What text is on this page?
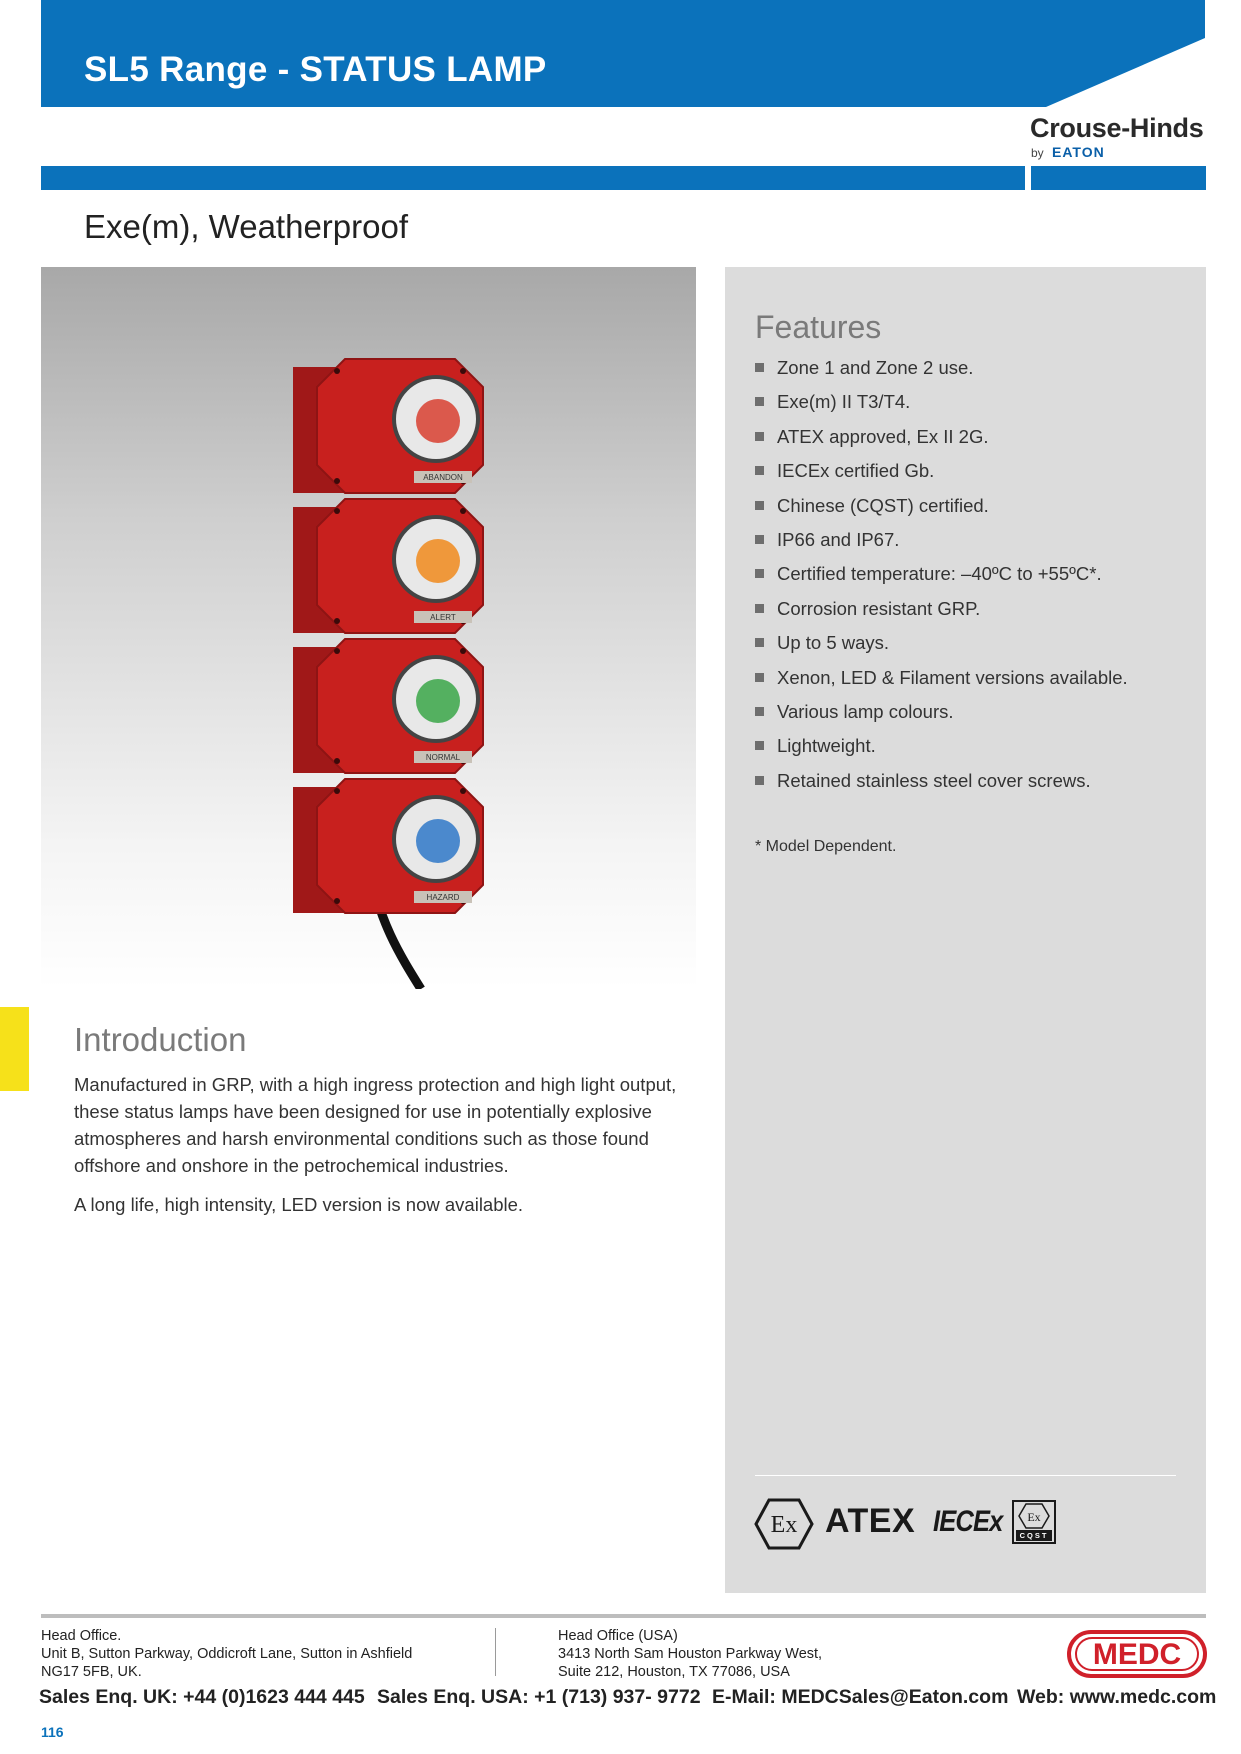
SL5 Range - STATUS LAMP
Crouse-Hinds
by EATON
Exe(m), Weatherproof
ABANDON
ALERT
NORMAL
HAZARD
Features
Zone 1 and Zone 2 use.
Exe(m) II T3/T4.
ATEX approved, Ex II 2G.
IECEx certified Gb.
Chinese (CQST) certified.
IP66 and IP67.
Certified temperature: –40ºC to +55ºC*.
Corrosion resistant GRP.
Up to 5 ways.
Xenon, LED & Filament versions available.
Various lamp colours.
Lightweight.
Retained stainless steel cover screws.
* Model Dependent.
Ex ATEX IECEx Ex
CQST
Introduction
Manufactured in GRP, with a high ingress protection and high light output,
these status lamps have been designed for use in potentially explosive
atmospheres and harsh environmental conditions such as those found
offshore and onshore in the petrochemical industries.
A long life, high intensity, LED version is now available.
Head Office.
Unit B, Sutton Parkway, Oddicroft Lane, Sutton in Ashfield
NG17 5FB, UK.
Head Office (USA)
3413 North Sam Houston Parkway West,
Suite 212, Houston, TX 77086, USA
MEDC
Sales Enq. UK: +44 (0)1623 444 445 Sales Enq. USA: +1 (713) 937- 9772 E-Mail: MEDCSales@Eaton.com Web: www.medc.com
116
